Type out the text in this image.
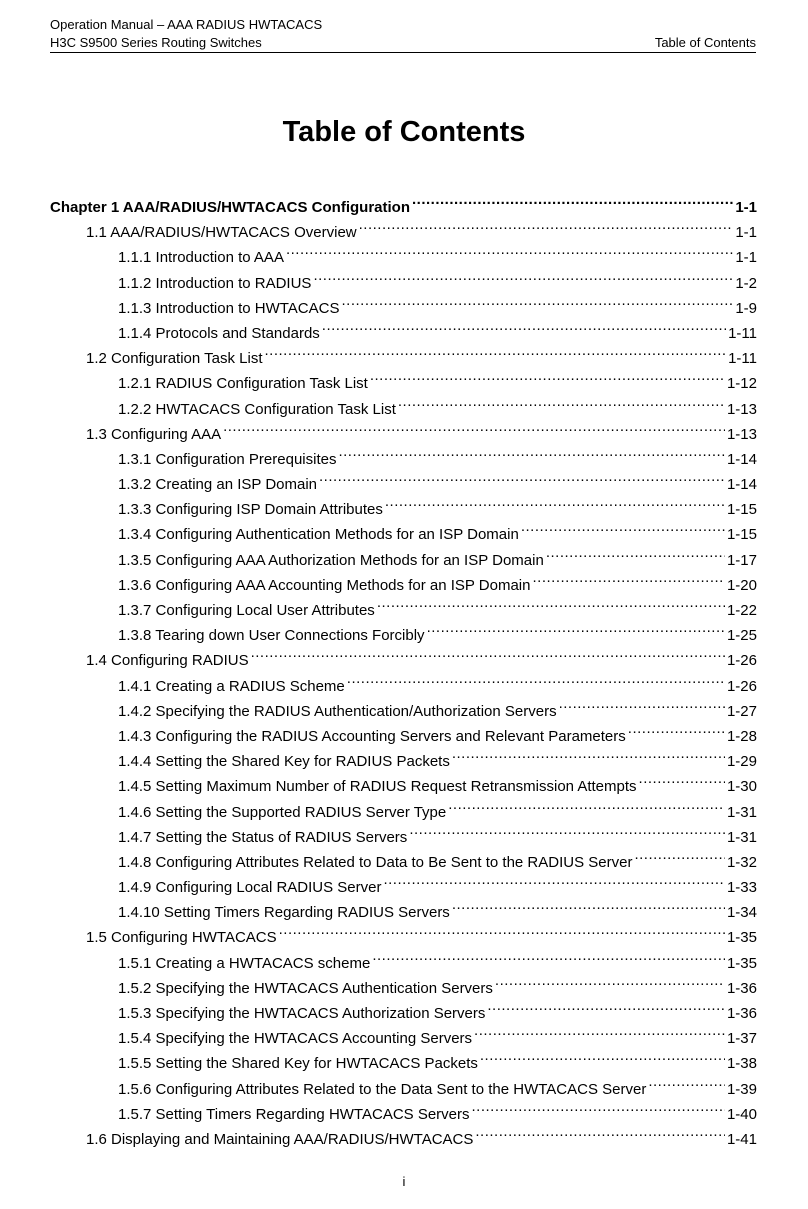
Operation Manual – AAA RADIUS HWTACACS
H3C S9500 Series Routing Switches	Table of Contents
Table of Contents
Chapter 1 AAA/RADIUS/HWTACACS Configuration .....	1-1
1.1 AAA/RADIUS/HWTACACS Overview .....	1-1
1.1.1 Introduction to AAA .....	1-1
1.1.2 Introduction to RADIUS .....	1-2
1.1.3 Introduction to HWTACACS .....	1-9
1.1.4 Protocols and Standards .....	1-11
1.2 Configuration Task List .....	1-11
1.2.1 RADIUS Configuration Task List .....	1-12
1.2.2 HWTACACS Configuration Task List .....	1-13
1.3 Configuring AAA .....	1-13
1.3.1 Configuration Prerequisites .....	1-14
1.3.2 Creating an ISP Domain .....	1-14
1.3.3 Configuring ISP Domain Attributes .....	1-15
1.3.4 Configuring Authentication Methods for an ISP Domain .....	1-15
1.3.5 Configuring AAA Authorization Methods for an ISP Domain .....	1-17
1.3.6 Configuring AAA Accounting Methods for an ISP Domain .....	1-20
1.3.7 Configuring Local User Attributes .....	1-22
1.3.8 Tearing down User Connections Forcibly .....	1-25
1.4 Configuring RADIUS .....	1-26
1.4.1 Creating a RADIUS Scheme .....	1-26
1.4.2 Specifying the RADIUS Authentication/Authorization Servers .....	1-27
1.4.3 Configuring the RADIUS Accounting Servers and Relevant Parameters .....	1-28
1.4.4 Setting the Shared Key for RADIUS Packets .....	1-29
1.4.5 Setting Maximum Number of RADIUS Request Retransmission Attempts .....	1-30
1.4.6 Setting the Supported RADIUS Server Type .....	1-31
1.4.7 Setting the Status of RADIUS Servers .....	1-31
1.4.8 Configuring Attributes Related to Data to Be Sent to the RADIUS Server .....	1-32
1.4.9 Configuring Local RADIUS Server .....	1-33
1.4.10 Setting Timers Regarding RADIUS Servers .....	1-34
1.5 Configuring HWTACACS .....	1-35
1.5.1 Creating a HWTACACS scheme .....	1-35
1.5.2 Specifying the HWTACACS Authentication Servers .....	1-36
1.5.3 Specifying the HWTACACS Authorization Servers .....	1-36
1.5.4 Specifying the HWTACACS Accounting Servers .....	1-37
1.5.5 Setting the Shared Key for HWTACACS Packets .....	1-38
1.5.6 Configuring Attributes Related to the Data Sent to the HWTACACS Server .....	1-39
1.5.7 Setting Timers Regarding HWTACACS Servers .....	1-40
1.6 Displaying and Maintaining AAA/RADIUS/HWTACACS .....	1-41
i
